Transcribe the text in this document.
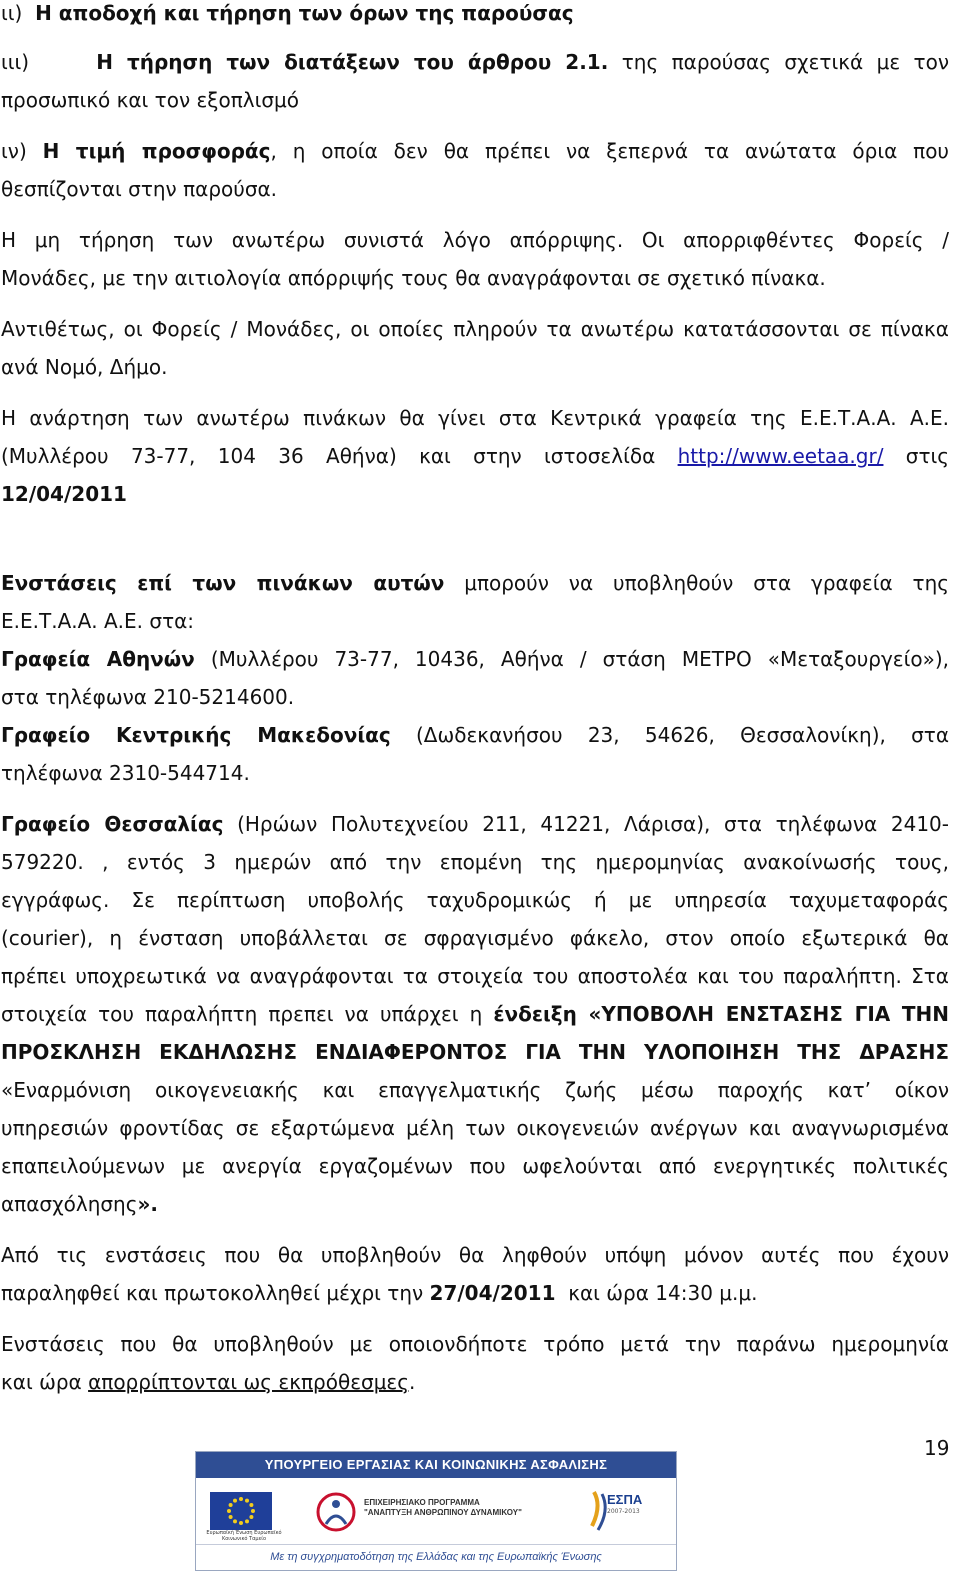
ιι) Η αποδοχή και τήρηση των όρων της παρούσας
ιιι)	Η τήρηση των διατάξεων του άρθρου 2.1. της παρούσας σχετικά με τον
προσωπικό και τον εξοπλισμό
ιν) Η τιμή προσφοράς, η οποία δεν θα πρέπει να ξεπερνά τα ανώτατα όρια που
θεσπίζονται στην παρούσα.
Η μη τήρηση των ανωτέρω συνιστά λόγο απόρριψης. Οι απορριφθέντες Φορείς /
Μονάδες, με την αιτιολογία απόρριψής τους θα αναγράφονται σε σχετικό πίνακα.
Αντιθέτως, οι Φορείς / Μονάδες, οι οποίες πληρούν τα ανωτέρω κατατάσσονται σε πίνακα
ανά Νομό, Δήμο.
Η ανάρτηση των ανωτέρω πινάκων θα γίνει στα Κεντρικά γραφεία της Ε.Ε.Τ.Α.Α. Α.Ε.
(Μυλλέρου 73-77, 104 36 Αθήνα) και στην ιστοσελίδα http://www.eetaa.gr/ στις
12/04/2011
Ενστάσεις επί των πινάκων αυτών μπορούν να υποβληθούν στα γραφεία της
Ε.Ε.Τ.Α.Α. Α.Ε. στα:
Γραφεία Αθηνών (Μυλλέρου 73-77, 10436, Αθήνα / στάση ΜΕΤΡΟ «Μεταξουργείο»),
στα τηλέφωνα 210-5214600.
Γραφείο Κεντρικής Μακεδονίας (Δωδεκανήσου 23, 54626, Θεσσαλονίκη), στα
τηλέφωνα 2310-544714.
Γραφείο Θεσσαλίας (Ηρώων Πολυτεχνείου 211, 41221, Λάρισα), στα τηλέφωνα 2410-
579220. , εντός 3 ημερών από την επομένη της ημερομηνίας ανακοίνωσής τους,
εγγράφως. Σε περίπτωση υποβολής ταχυδρομικώς ή με υπηρεσία ταχυμεταφοράς
(courier), η ένσταση υποβάλλεται σε σφραγισμένο φάκελο, στον οποίο εξωτερικά θα
πρέπει υποχρεωτικά να αναγράφονται τα στοιχεία του αποστολέα και του παραλήπτη. Στα
στοιχεία του παραλήπτη πρεπει να υπάρχει η ένδειξη «ΥΠΟΒΟΛΗ ΕΝΣΤΑΣΗΣ ΓΙΑ ΤΗΝ
ΠΡΟΣΚΛΗΣΗ ΕΚΔΗΛΩΣΗΣ ΕΝΔΙΑΦΕΡΟΝΤΟΣ ΓΙΑ ΤΗΝ ΥΛΟΠΟΙΗΣΗ ΤΗΣ ΔΡΑΣΗΣ
«Εναρμόνιση οικογενειακής και επαγγελματικής ζωής μέσω παροχής κατ’ οίκον
υπηρεσιών φροντίδας σε εξαρτώμενα μέλη των οικογενειών ανέργων και αναγνωρισμένα
επαπειλούμενων με ανεργία εργαζομένων που ωφελούνται από ενεργητικές πολιτικές
απασχόλησης».
Από τις ενστάσεις που θα υποβληθούν θα ληφθούν υπόψη μόνον αυτές που έχουν
παραληφθεί και πρωτοκολληθεί μέχρι την 27/04/2011 και ώρα 14:30 μ.μ.
Ενστάσεις που θα υποβληθούν με οποιονδήποτε τρόπο μετά την παράνω ημερομηνία
και ώρα απορρίπτονται ως εκπρόθεσμες.
19
ΥΠΟΥΡΓΕΙΟ ΕΡΓΑΣΙΑΣ ΚΑΙ ΚΟΙΝΩΝΙΚΗΣ ΑΣΦΑΛΙΣΗΣ
Ευρωπαϊκή Ένωση Ευρωπαϊκό Κοινωνικό Ταμείο
ΕΠΙΧΕΙΡΗΣΙΑΚΟ ΠΡΟΓΡΑΜΜΑ
"ΑΝΑΠΤΥΞΗ ΑΝΘΡΩΠΙΝΟΥ ΔΥΝΑΜΙΚΟΥ"
ΕΣΠΑ
2007-2013
Με τη συγχρηματοδότηση της Ελλάδας και της Ευρωπαϊκής Ένωσης
